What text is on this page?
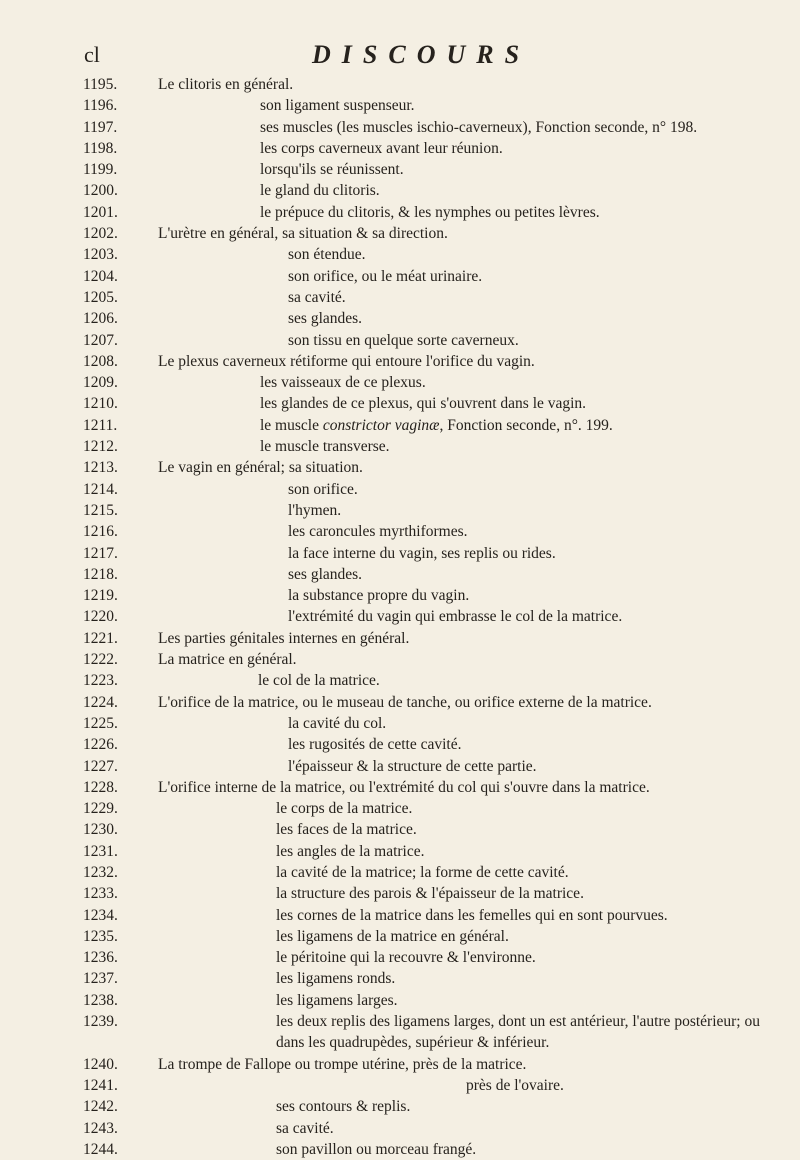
cl	DISCOURS
1195.	Le clitoris en général.
1196.	son ligament suspenseur.
1197.	ses muscles (les muscles ischio-caverneux), Fonction seconde, n° 198.
1198.	les corps caverneux avant leur réunion.
1199.	lorsqu'ils se réunissent.
1200.	le gland du clitoris.
1201.	le prépuce du clitoris, & les nymphes ou petites lèvres.
1202.	L'urètre en général, sa situation & sa direction.
1203.	son étendue.
1204.	son orifice, ou le méat urinaire.
1205.	sa cavité.
1206.	ses glandes.
1207.	son tissu en quelque sorte caverneux.
1208.	Le plexus caverneux rétiforme qui entoure l'orifice du vagin.
1209.	les vaisseaux de ce plexus.
1210.	les glandes de ce plexus, qui s'ouvrent dans le vagin.
1211.	le muscle constrictor vaginæ, Fonction seconde, n°. 199.
1212.	le muscle transverse.
1213.	Le vagin en général; sa situation.
1214.	son orifice.
1215.	l'hymen.
1216.	les caroncules myrthiformes.
1217.	la face interne du vagin, ses replis ou rides.
1218.	ses glandes.
1219.	la substance propre du vagin.
1220.	l'extrémité du vagin qui embrasse le col de la matrice.
1221.	Les parties génitales internes en général.
1222.	La matrice en général.
1223.	le col de la matrice.
1224.	L'orifice de la matrice, ou le museau de tanche, ou orifice externe de la matrice.
1225.	la cavité du col.
1226.	les rugosités de cette cavité.
1227.	l'épaisseur & la structure de cette partie.
1228.	L'orifice interne de la matrice, ou l'extrémité du col qui s'ouvre dans la matrice.
1229.	le corps de la matrice.
1230.	les faces de la matrice.
1231.	les angles de la matrice.
1232.	la cavité de la matrice; la forme de cette cavité.
1233.	la structure des parois & l'épaisseur de la matrice.
1234.	les cornes de la matrice dans les femelles qui en sont pourvues.
1235.	les ligamens de la matrice en général.
1236.	le péritoine qui la recouvre & l'environne.
1237.	les ligamens ronds.
1238.	les ligamens larges.
1239.	les deux replis des ligamens larges, dont un est antérieur, l'autre postérieur; ou dans les quadrupèdes, supérieur & inférieur.
1240.	La trompe de Fallope ou trompe utérine, près de la matrice.
1241.	près de l'ovaire.
1242.	ses contours & replis.
1243.	sa cavité.
1244.	son pavillon ou morceau frangé.
